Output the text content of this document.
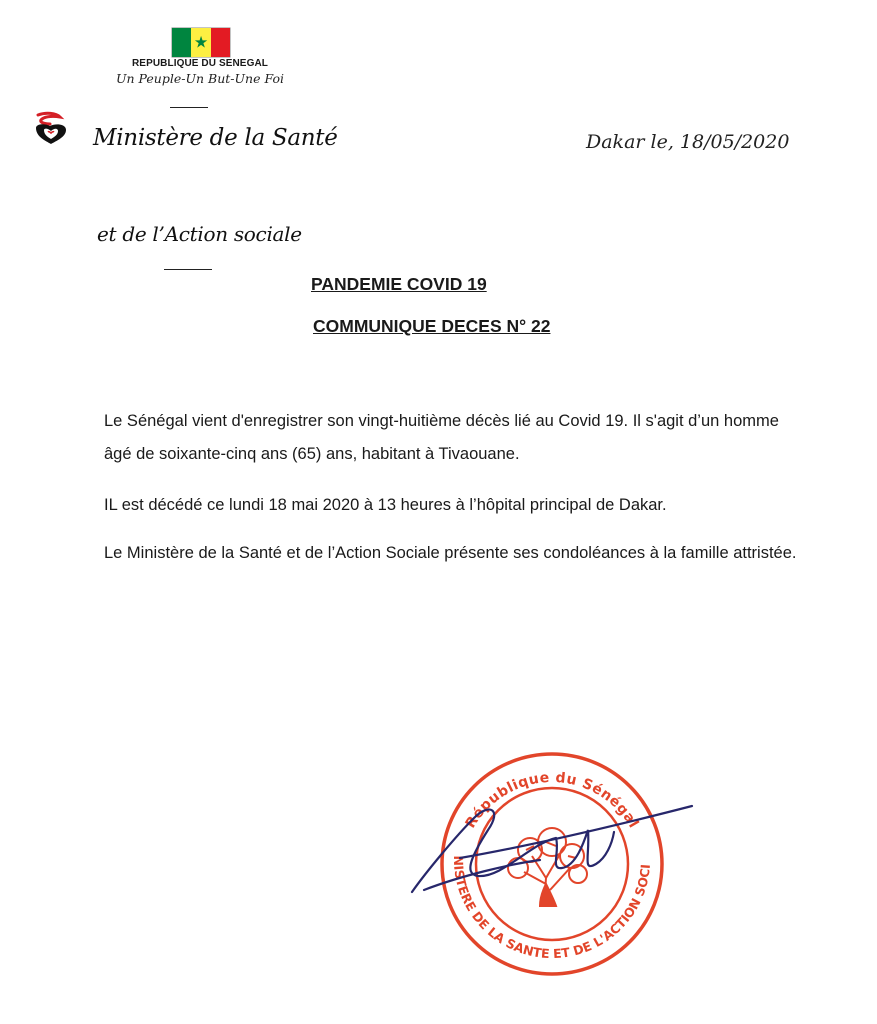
★
REPUBLIQUE DU SENEGAL
Un Peuple-Un But-Une Foi
Ministère de la Santé	Dakar le, 18/05/2020
et de l’Action sociale
PANDEMIE COVID 19
COMMUNIQUE DECES N° 22
Le Sénégal vient d'enregistrer son vingt-huitième décès lié au Covid 19. Il s'agit d’un homme âgé de soixante-cinq ans (65) ans, habitant à Tivaouane.
IL est décédé ce lundi 18 mai 2020 à 13 heures à l’hôpital principal de Dakar.
Le Ministère de la Santé et de l’Action Sociale présente ses condoléances à la famille attristée.
République du Sénégal
MINISTERE DE LA SANTE ET DE L'ACTION SOCIALE
